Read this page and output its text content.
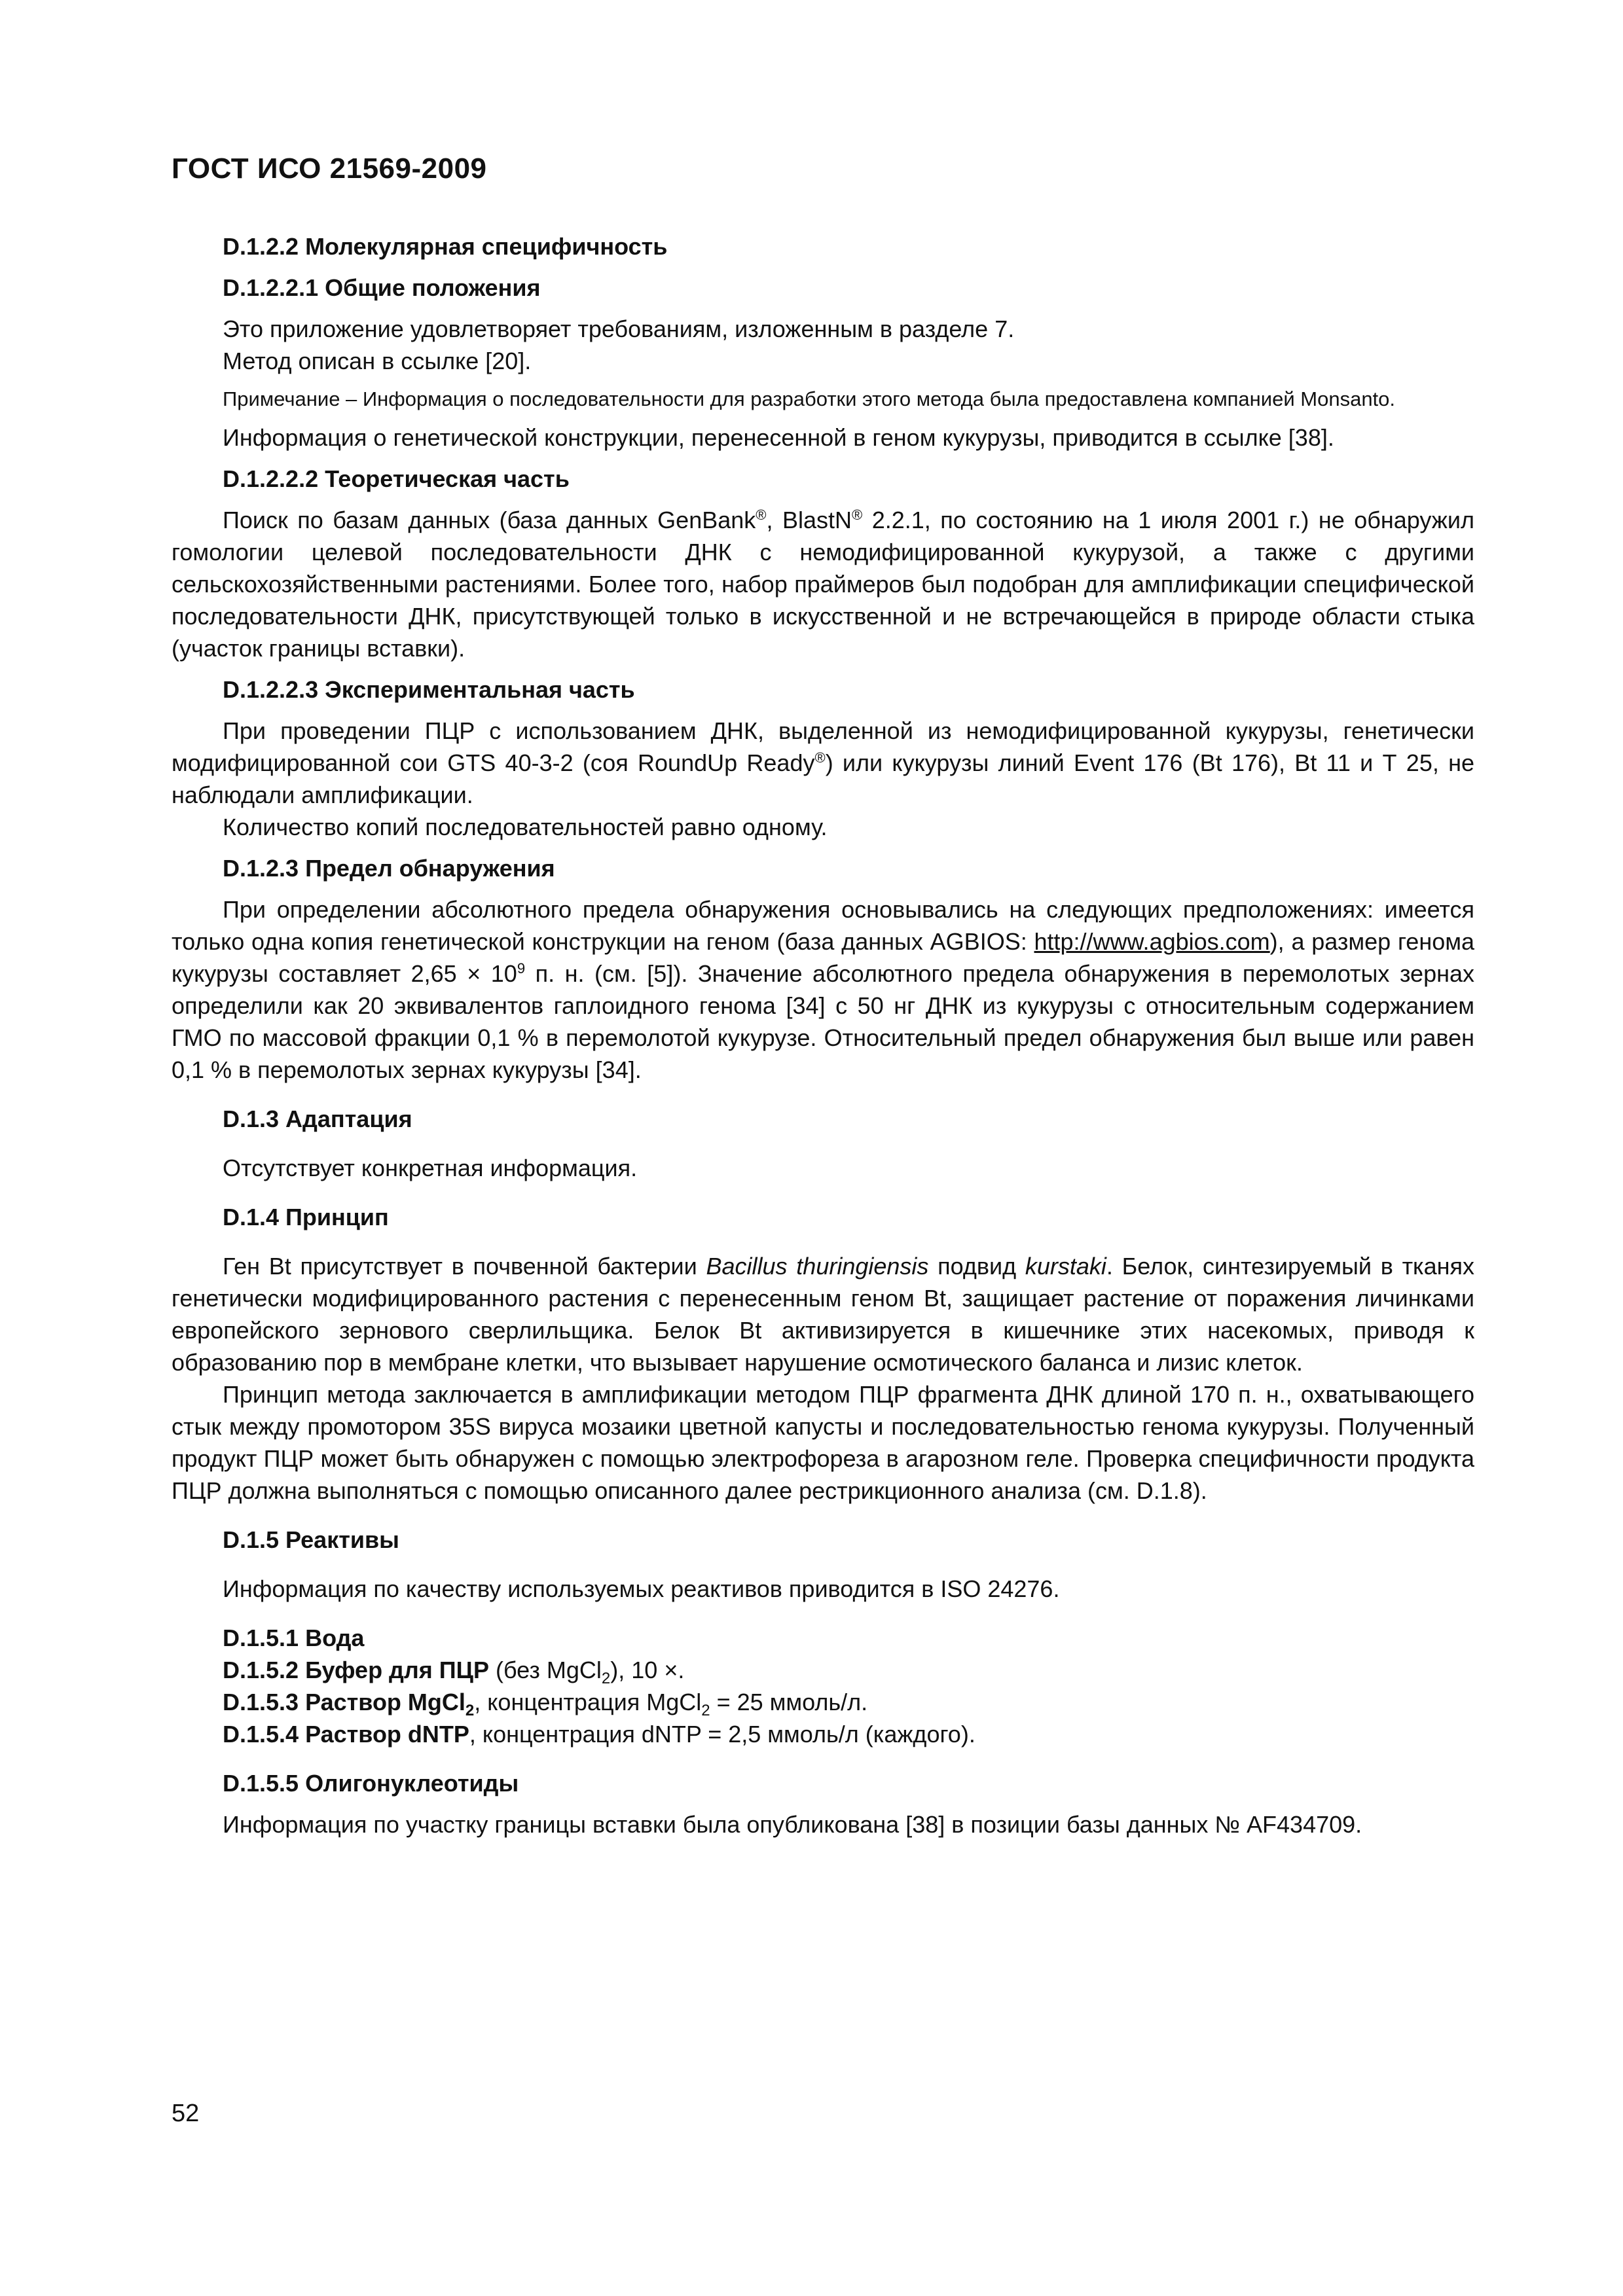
ГОСТ ИСО 21569-2009

D.1.2.2 Молекулярная специфичность

D.1.2.2.1 Общие положения

Это приложение удовлетворяет требованиям, изложенным в разделе 7.

Метод описан в ссылке [20].

Примечание – Информация о последовательности для разработки этого метода была предоставлена компанией Monsanto.

Информация о генетической конструкции, перенесенной в геном кукурузы, приводится в ссылке [38].

D.1.2.2.2 Теоретическая часть

Поиск по базам данных (база данных GenBank®, BlastN® 2.2.1, по состоянию на 1 июля 2001 г.) не обнаружил гомологии целевой последовательности ДНК с немодифицированной кукурузой, а также с другими сельскохозяйственными растениями. Более того, набор праймеров был подобран для амплификации специфической последовательности ДНК, присутствующей только в искусственной и не встречающейся в природе области стыка (участок границы вставки).

D.1.2.2.3 Экспериментальная часть

При проведении ПЦР с использованием ДНК, выделенной из немодифицированной кукурузы, генетически модифицированной сои GTS 40-3-2 (соя RoundUp Ready®) или кукурузы линий Event 176 (Bt 176), Bt 11 и Т 25, не наблюдали амплификации.

Количество копий последовательностей равно одному.

D.1.2.3 Предел обнаружения

При определении абсолютного предела обнаружения основывались на следующих предположениях: имеется только одна копия генетической конструкции на геном (база данных AGBIOS: http://www.agbios.com), а размер генома кукурузы составляет $2,65 \times 10^9$ п. н. (см. [5]). Значение абсолютного предела обнаружения в перемолотых зернах определили как 20 эквивалентов гаплоидного генома [34] с 50 нг ДНК из кукурузы с относительным содержанием ГМО по массовой фракции 0,1 % в перемолотой кукурузе. Относительный предел обнаружения был выше или равен 0,1 % в перемолотых зернах кукурузы [34].

D.1.3 Адаптация

Отсутствует конкретная информация.

D.1.4 Принцип

Ген Bt присутствует в почвенной бактерии Bacillus thuringiensis подвид kurstaki. Белок, синтезируемый в тканях генетически модифицированного растения с перенесенным геном Bt, защищает растение от поражения личинками европейского зернового сверлильщика. Белок Bt активизируется в кишечнике этих насекомых, приводя к образованию пор в мембране клетки, что вызывает нарушение осмотического баланса и лизис клеток.

Принцип метода заключается в амплификации методом ПЦР фрагмента ДНК длиной 170 п. н., охватывающего стык между промотором 35S вируса мозаики цветной капусты и последовательностью генома кукурузы. Полученный продукт ПЦР может быть обнаружен с помощью электрофореза в агарозном геле. Проверка специфичности продукта ПЦР должна выполняться с помощью описанного далее рестрикционного анализа (см. D.1.8).

D.1.5 Реактивы

Информация по качеству используемых реактивов приводится в ISO 24276.

D.1.5.1 Вода

D.1.5.2 Буфер для ПЦР (без MgCl$_2$), 10 ×.

D.1.5.3 Раствор MgCl$_2$, концентрация MgCl$_2$ = 25 ммоль/л.

D.1.5.4 Раствор dNTP, концентрация dNTP = 2,5 ммоль/л (каждого).

D.1.5.5 Олигонуклеотиды

Информация по участку границы вставки была опубликована [38] в позиции базы данных № AF434709.

52
